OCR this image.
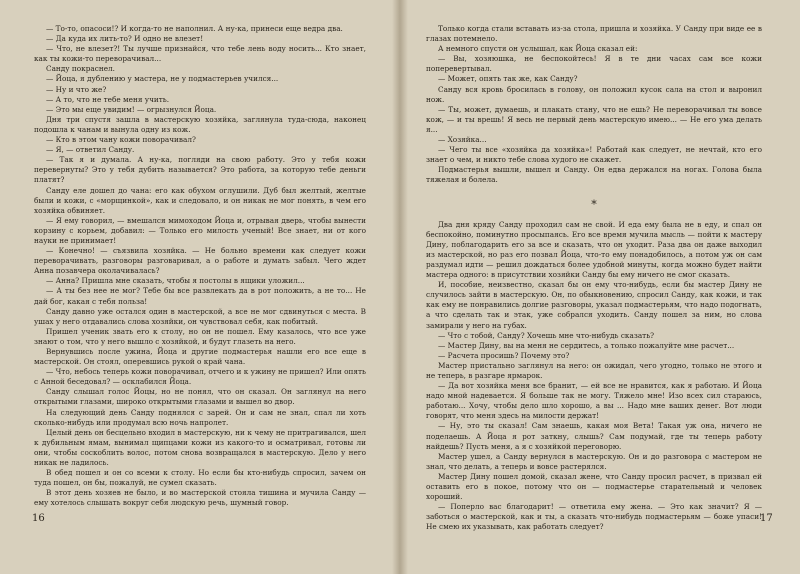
— То-то, опасоси!? И когда-то не наполнил. А ну-ка, принеси еще ведра два.

— Да куда их лить-то? И одно не влезет!

— Что, не влезет?! Ты лучше признайся, что тебе лень воду носить... Кто знает, как ты кожи-то переворачивал...

Санду покраснел.

— Йоца, я дублению у мастера, не у подмастерьев учился...

— Ну и что же?

— А то, что не тебе меня учить.

— Это мы еще увидим! — огрызнулся Йоца.

Дня три спустя зашла в мастерскую хозяйка, заглянула туда-сюда, наконец подошла к чанам и вынула одну из кож.

— Кто в этом чану кожи поворачивал?

— Я, — ответил Санду.

— Так я и думала. А ну-ка, погляди на свою работу. Это у тебя кожи перевернуты? Это у тебя дубить называется? Это работа, за которую тебе деньги платят?

Санду еле дошел до чана: его как обухом оглушили. Дуб был желтый, желтые были и кожи, с «морщинкой», как и следовало, и он никак не мог понять, в чем его хозяйка обвиняет.

— Я ему говорил, — вмешался мимоходом Йоца и, отрывая дверь, чтобы вынести корзину с корьем, добавил: — Только его милость ученый! Все знает, ни от кого науки не принимает!

— Конечно! — съязвила хозяйка. — Не больно времени как следует кожи переворачивать, разговоры разговаривал, а о работе и думать забыл. Чего ждет Анна позавчера околачивалась?

— Анна? Пришла мне сказать, чтобы я постолы в ящики уложил...

— А ты без нее не мог? Тебе бы все развлекать да в рот положить, а не то... Не дай бог, какая с тебя польза!

Санду давно уже остался один в мастерской, а все не мог сдвинуться с места. В ушах у него отдавались слова хозяйки, он чувствовал себя, как побитый.

Пришел ученик звать его к столу, но он не пошел. Ему казалось, что все уже знают о том, что у него вышло с хозяйкой, и будут глазеть на него.

Вернувшись после ужина, Йоца и другие подмастерья нашли его все еще в мастерской. Он стоял, оперевшись рукой о край чана.

— Что, небось теперь кожи поворачивал, отчего и к ужину не пришел? Или опять с Анной беседовал? — осклабился Йоца.

Санду слышал голос Йоцы, но не понял, что он сказал. Он заглянул на него открытыми глазами, широко открытыми глазами и вышел во двор.

На следующий день Санду поднялся с зарей. Он и сам не знал, спал ли хоть сколько-нибудь или продумал всю ночь напролет.

Целый день он бесцельно входил в мастерскую, ни к чему не притрагивался, шел к дубильным ямам, вынимал щипцами кожи из какого-то и осматривал, готовы ли они, чтобы соскоблить волос, потом снова возвращался в мастерскую. Дело у него никак не ладилось.

В обед пошел и он со всеми к столу. Но если бы кто-нибудь спросил, зачем он туда пошел, он бы, пожалуй, не сумел сказать.

В этот день хозяев не было, и во мастерской стояла тишина и мучила Санду — ему хотелось слышать вокруг себя людскую речь, шумный говор.

16

Только когда стали вставать из-за стола, пришла и хозяйка. У Санду при виде ее в глазах потемнело.

А немного спустя он услышал, как Йоца сказал ей:

— Вы, хозяюшка, не беспокойтесь! Я в те дни часах сам все кожи поперевертывал.

— Может, опять так же, как Санду?

Санду вся кровь бросилась в голову, он положил кусок сала на стол и выронил нож.

— Ты, может, думаешь, и плакать стану, что не ешь? Не переворачивал ты вовсе кож, — и ты врешь! Я весь не первый день мастерскую имею... — Не его ума делать я...

— Хозяйка...

— Чего ты все «хозяйка да хозяйка»! Работай как следует, не нечтай, кто его знает о чем, и никто тебе слова худого не скажет.

Подмастерья вышли, вышел и Санду. Он едва держался на ногах. Голова была тяжелая и болела.

*

Два дня кряду Санду проходил сам не свой. И еда ему была не в еду, и спал он беспокойно, поминутно просыпаясь. Его все время мучила мысль — пойти к мастеру Дину, поблагодарить его за все и сказать, что он уходит. Раза два он даже выходил из мастерской, но раз его позвал Йоца, что-то ему понадобилось, а потом уж он сам раздумал идти — решил дождаться более удобной минуты, когда можно будет найти мастера одного: в присутствии хозяйки Санду бы ему ничего не смог сказать.

И, пособие, неизвестно, сказал бы он ему что-нибудь, если бы мастер Дину не случилось зайти в мастерскую. Он, по обыкновению, спросил Санду, как кожи, и так как ему не понравились долгие разговоры, указал подмастерьям, что надо подогнать, а что сделать так и этак, уже собрался уходить. Санду пошел за ним, но слова замирали у него на губах.

— Что с тобой, Санду? Хочешь мне что-нибудь сказать?

— Мастер Дину, вы на меня не сердитесь, а только пожалуйте мне расчет...

— Расчета просишь? Почему это?

Мастер пристально заглянул на него: он ожидал, чего угодно, только не этого и не теперь, в разгаре ярмарок.

— Да вот хозяйка меня все бранит, — ей все не нравится, как я работаю. И Йоца надо мной надевается. Я больше так не могу. Тяжело мне! Изо всех сил стараюсь, работаю... Хочу, чтобы дело шло хорошо, а вы ... Надо мне ваших денег. Вот люди говорят, что меня здесь на милости держат!

— Ну, это ты сказал! Сам знаешь, какая моя Вета! Такая уж она, ничего не поделаешь. А Йоца я рот заткну, слышь? Сам подумай, где ты теперь работу найдешь? Пусть меня, а я с хозяйкой переговорю.

Мастер ушел, а Санду вернулся в мастерскую. Он и до разговора с мастером не знал, что делать, а теперь и вовсе растерялся.

Мастер Дину пошел домой, сказал жене, что Санду просил расчет, в призвал ей оставить его в покое, потому что он — подмастерье старательный и человек хороший.

— Поперло вас благодарит! — ответила ему жена. — Это как значит? Я — заботься о мастерской, как и ты, а сказать что-нибудь подмастерьям — боже упаси! Не смею их указывать, как работать следует?

17
